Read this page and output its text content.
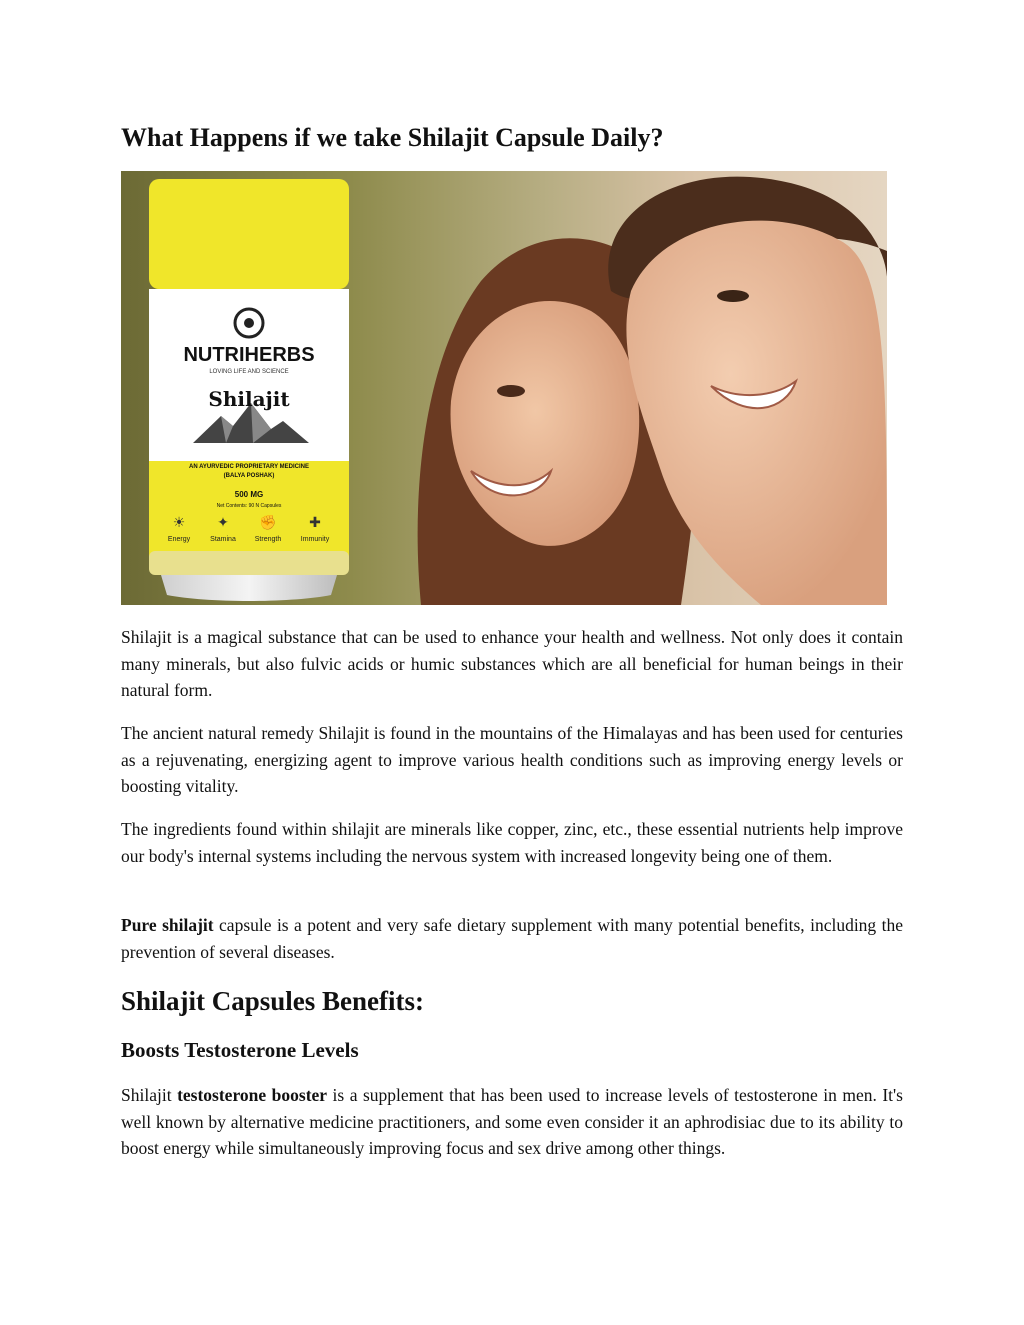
What Happens if we take Shilajit Capsule Daily?
NUTRIHERBS
LOVING LIFE AND SCIENCE
Shilajit
AN AYURVEDIC PROPRIETARY MEDICINE
(BALYA POSHAK)
500 MG
Net Contents: 90 N Capsules
☀ ✦ ✊ ✚
Energy	Stamina	Strength	Immunity

Shilajit is a magical substance that can be used to enhance your health and wellness. Not only does it contain many minerals, but also fulvic acids or humic substances which are all beneficial for human beings in their natural form.

The ancient natural remedy Shilajit is found in the mountains of the Himalayas and has been used for centuries as a rejuvenating, energizing agent to improve various health conditions such as improving energy levels or boosting vitality.

The ingredients found within shilajit are minerals like copper, zinc, etc., these essential nutrients help improve our body's internal systems including the nervous system with increased longevity being one of them.

Pure shilajit capsule is a potent and very safe dietary supplement with many potential benefits, including the prevention of several diseases.

Shilajit Capsules Benefits:
Boosts Testosterone Levels

Shilajit testosterone booster is a supplement that has been used to increase levels of testosterone in men. It's well known by alternative medicine practitioners, and some even consider it an aphrodisiac due to its ability to boost energy while simultaneously improving focus and sex drive among other things.
